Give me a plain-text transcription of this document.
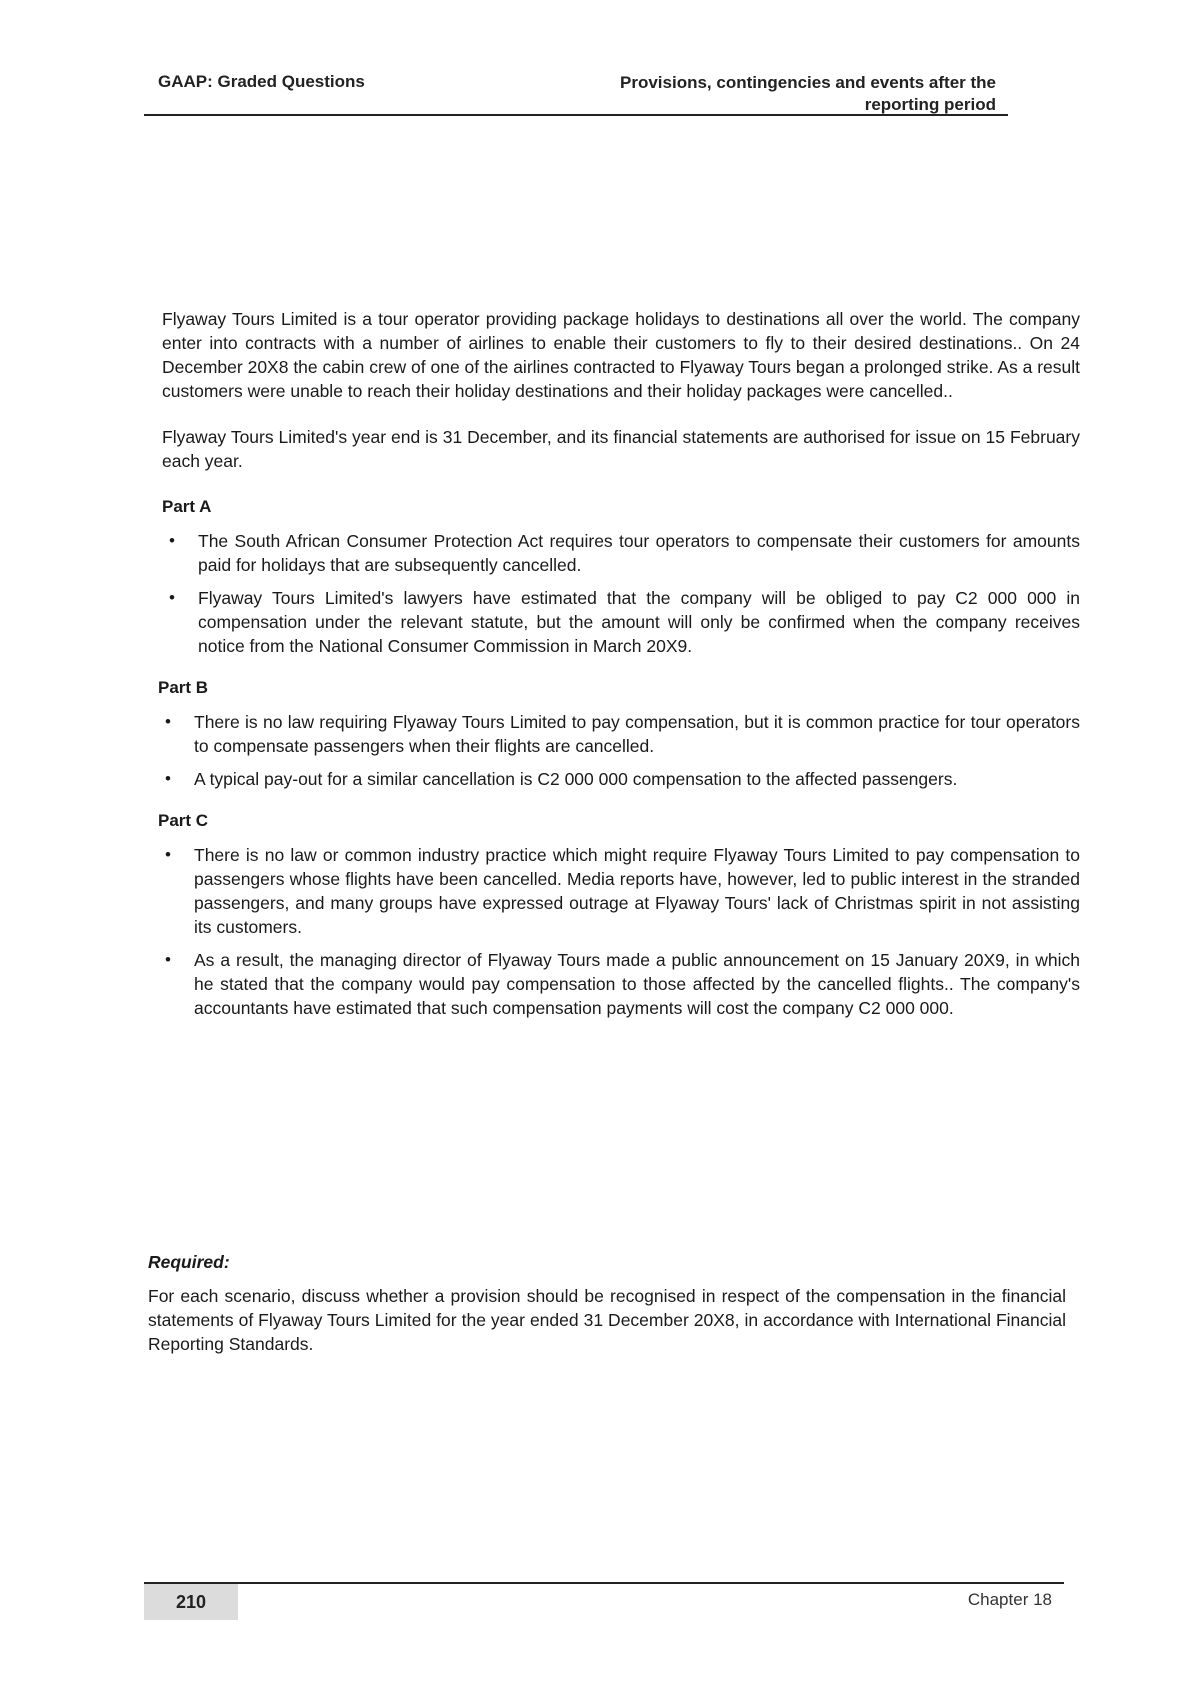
GAAP: Graded Questions	Provisions, contingencies and events after the
reporting period

Flyaway Tours Limited is a tour operator providing package holidays to destinations all over the world. The company enter into contracts with a number of airlines to enable their customers to fly to their desired destinations.. On 24 December 20X8 the cabin crew of one of the airlines contracted to Flyaway Tours began a prolonged strike. As a result customers were unable to reach their holiday destinations and their holiday packages were cancelled..

Flyaway Tours Limited's year end is 31 December, and its financial statements are authorised for issue on 15 February each year.

Part A
•	The South African Consumer Protection Act requires tour operators to compensate their customers for amounts paid for holidays that are subsequently cancelled.
•	Flyaway Tours Limited's lawyers have estimated that the company will be obliged to pay C2 000 000 in compensation under the relevant statute, but the amount will only be confirmed when the company receives notice from the National Consumer Commission in March 20X9.
Part B
•	There is no law requiring Flyaway Tours Limited to pay compensation, but it is common practice for tour operators to compensate passengers when their flights are cancelled.
•	A typical pay-out for a similar cancellation is C2 000 000 compensation to the affected passengers.
Part C
•	There is no law or common industry practice which might require Flyaway Tours Limited to pay compensation to passengers whose flights have been cancelled. Media reports have, however, led to public interest in the stranded passengers, and many groups have expressed outrage at Flyaway Tours' lack of Christmas spirit in not assisting its customers.
•	As a result, the managing director of Flyaway Tours made a public announcement on 15 January 20X9, in which he stated that the company would pay compensation to those affected by the cancelled flights.. The company's accountants have estimated that such compensation payments will cost the company C2 000 000.
Required:

For each scenario, discuss whether a provision should be recognised in respect of the compensation in the financial statements of Flyaway Tours Limited for the year ended 31 December 20X8, in accordance with International Financial Reporting Standards.

210	Chapter 18
